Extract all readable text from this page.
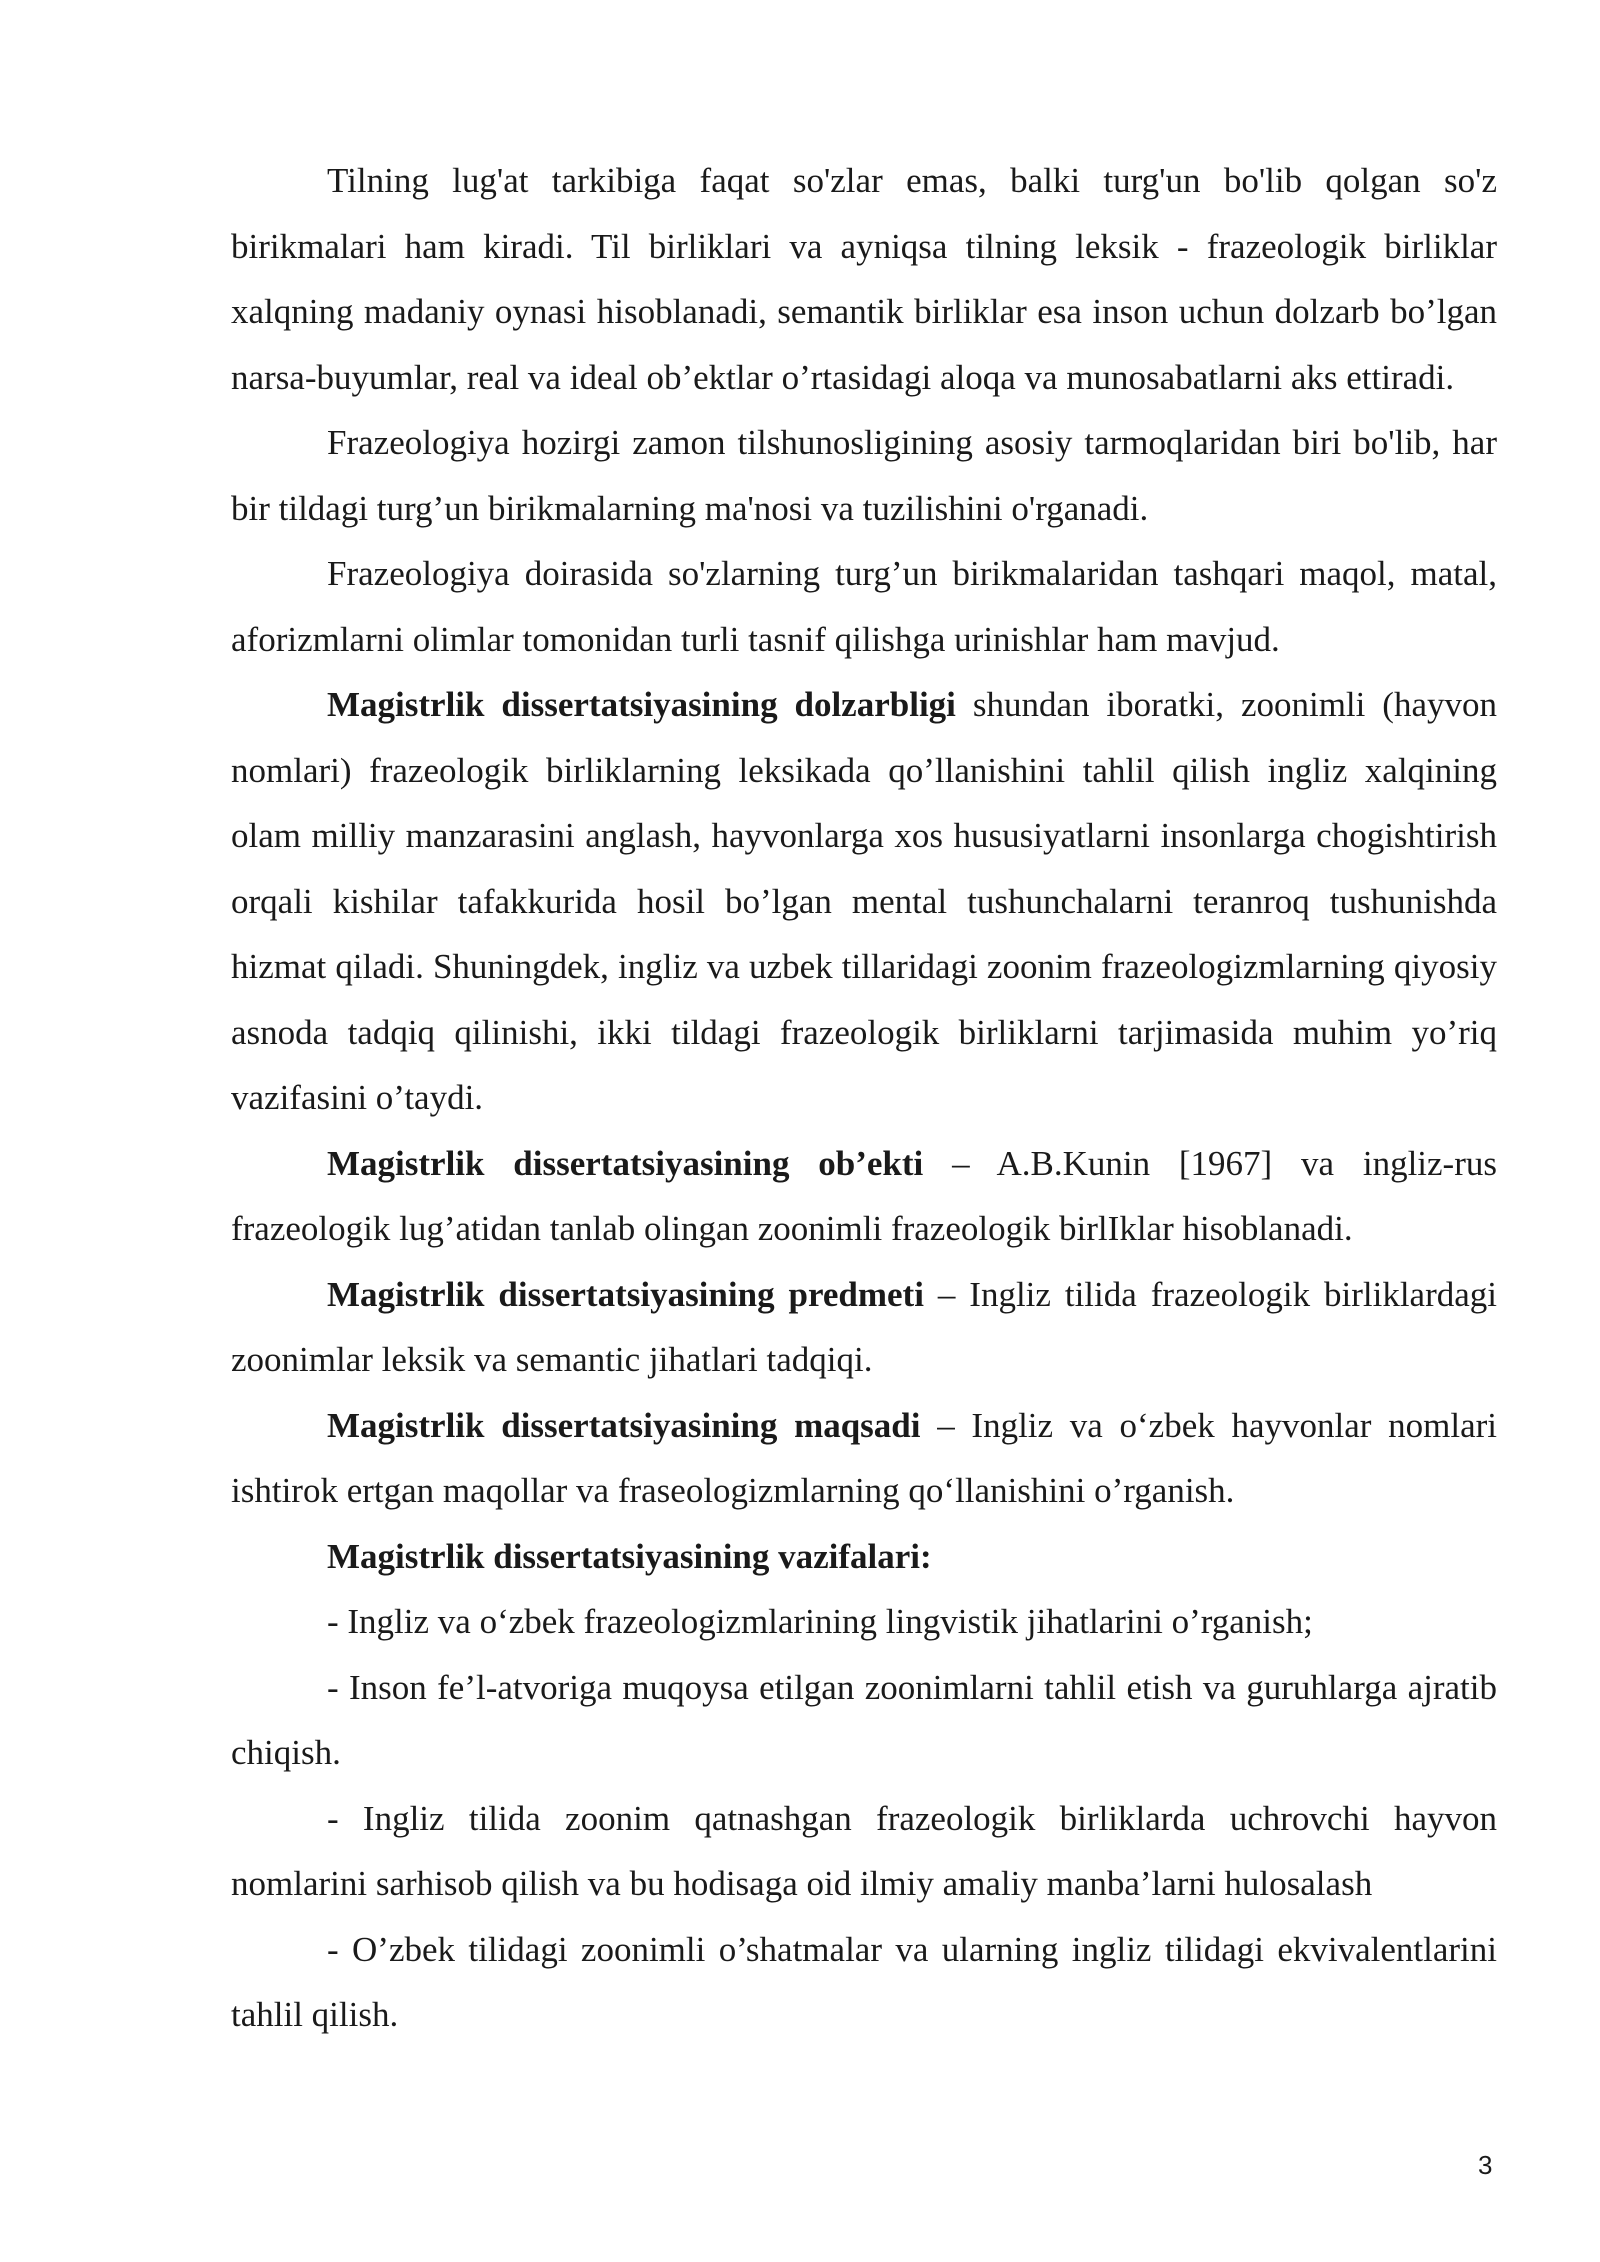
Tilning lug'at tarkibiga faqat so'zlar emas, balki turg'un bo'lib qolgan so'z birikmalari ham kiradi. Til birliklari va ayniqsa tilning leksik - frazeologik birliklar xalqning madaniy oynasi hisoblanadi, semantik birliklar esa inson uchun dolzarb bo’lgan narsa-buyumlar, real va ideal ob’ektlar o’rtasidagi aloqa va munosabatlarni aks ettiradi.

Frazeologiya hozirgi zamon tilshunosligining asosiy tarmoqlaridan biri bo'lib, har bir tildagi turg’un birikmalarning ma'nosi va tuzilishini o'rganadi.

Frazeologiya doirasida so'zlarning turg’un birikmalaridan tashqari maqol, matal, aforizmlarni olimlar tomonidan turli tasnif qilishga urinishlar ham mavjud.

Magistrlik dissertatsiyasining dolzarbligi shundan iboratki, zoonimli (hayvon nomlari) frazeologik birliklarning leksikada qo’llanishini tahlil qilish ingliz xalqining olam milliy manzarasini anglash, hayvonlarga xos hususiyatlarni insonlarga chogishtirish orqali kishilar tafakkurida hosil bo’lgan mental tushunchalarni teranroq tushunishda hizmat qiladi. Shuningdek, ingliz va uzbek tillaridagi zoonim frazeologizmlarning qiyosiy asnoda tadqiq qilinishi, ikki tildagi frazeologik birliklarni tarjimasida muhim yo’riq vazifasini o’taydi.

Magistrlik dissertatsiyasining ob’ekti – A.B.Kunin [1967] va ingliz-rus frazeologik lug’atidan tanlab olingan zoonimli frazeologik birlIklar hisoblanadi.

Magistrlik dissertatsiyasining predmeti – Ingliz tilida frazeologik birliklardagi zoonimlar leksik va semantic jihatlari tadqiqi.

Magistrlik dissertatsiyasining maqsadi – Ingliz va o‘zbek hayvonlar nomlari ishtirok ertgan maqollar va fraseologizmlarning qo‘llanishini o’rganish.

Magistrlik dissertatsiyasining vazifalari:

- Ingliz va o‘zbek frazeologizmlarining lingvistik jihatlarini o’rganish;

- Inson fe’l-atvoriga muqoysa etilgan zoonimlarni tahlil etish va guruhlarga ajratib chiqish.

- Ingliz tilida zoonim qatnashgan frazeologik birliklarda uchrovchi hayvon nomlarini sarhisob qilish va bu hodisaga oid ilmiy amaliy manba’larni hulosalash

- O’zbek tilidagi zoonimli o’shatmalar va ularning ingliz tilidagi ekvivalentlarini tahlil qilish.

3
